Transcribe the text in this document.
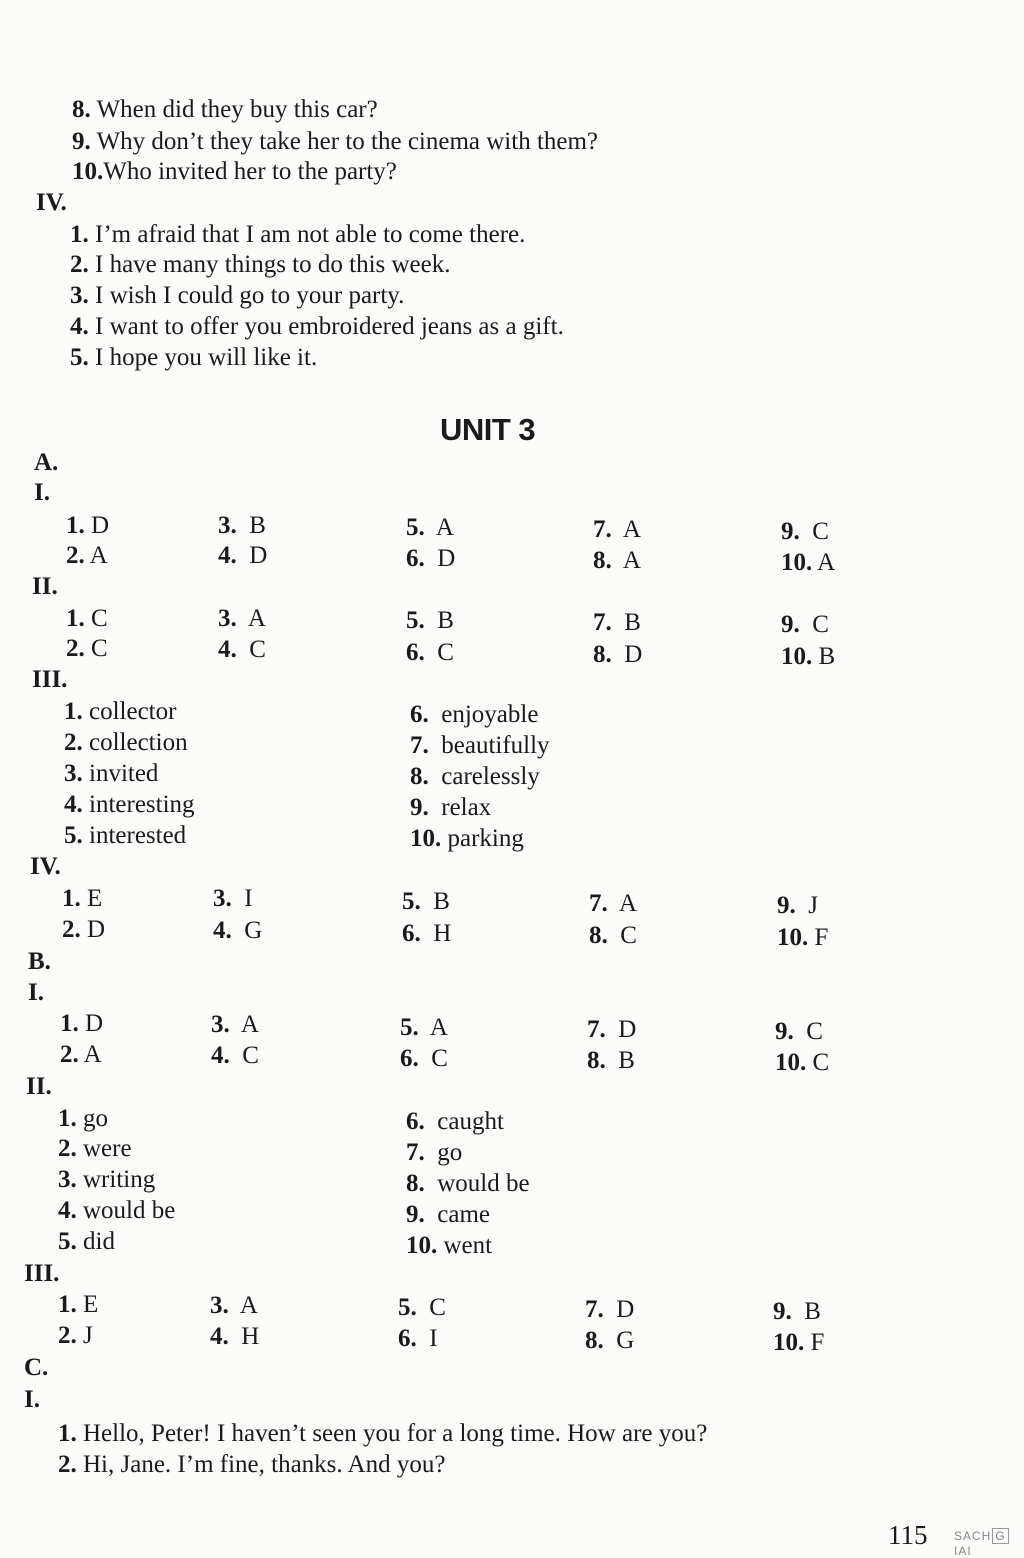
8. When did they buy this car?
9. Why don’t they take her to the cinema with them?
10.Who invited her to the party?
IV.
1. I’m afraid that I am not able to come there.
2. I have many things to do this week.
3. I wish I could go to your party.
4. I want to offer you embroidered jeans as a gift.
5. I hope you will like it.
UNIT 3
A.
I.
1. D	3. B	5. A	7. A	9. C
2. A	4. D	6. D	8. A	10. A
II.
1. C	3. A	5. B	7. B	9. C
2. C	4. C	6. C	8. D	10. B
III.
1. collector
2. collection
3. invited
4. interesting
5. interested
6. enjoyable
7. beautifully
8. carelessly
9. relax
10. parking
IV.
1. E	3. I	5. B	7. A	9. J
2. D	4. G	6. H	8. C	10. F
B.
I.
1. D	3. A	5. A	7. D	9. C
2. A	4. C	6. C	8. B	10. C
II.
1. go
2. were
3. writing
4. would be
5. did
6. caught
7. go
8. would be
9. came
10. went
III.
1. E	3. A	5. C	7. D	9. B
2. J	4. H	6. I	8. G	10. F
C.
I.
1. Hello, Peter! I haven’t seen you for a long time. How are you?
2. Hi, Jane. I’m fine, thanks. And you?
115 SACH GIAI
